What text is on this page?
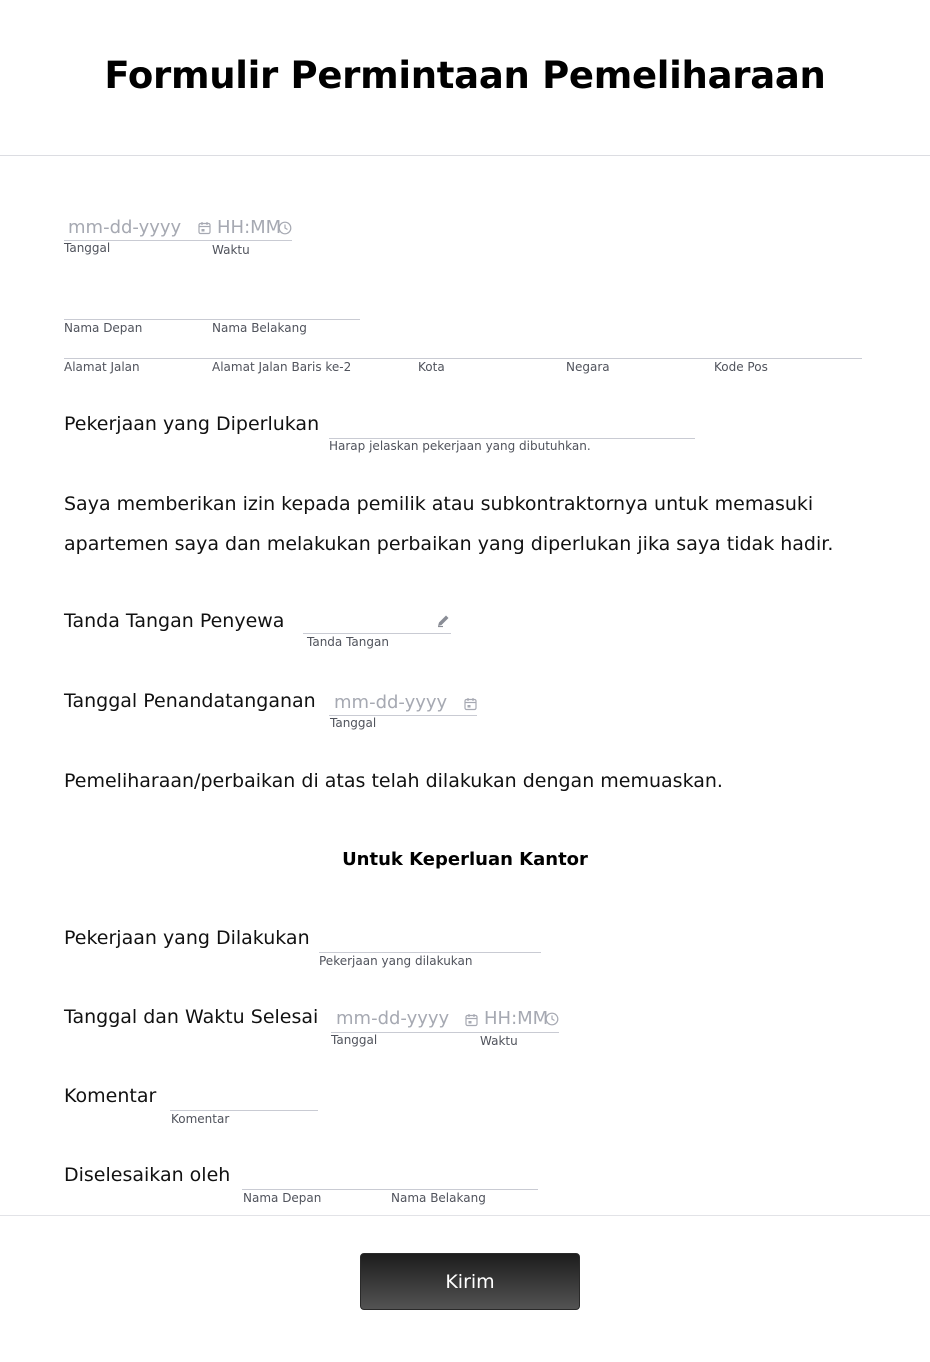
Formulir Permintaan Pemeliharaan
mm-dd-yyyy HH:MM
Tanggal	Waktu
Nama Depan	Nama Belakang
Alamat Jalan	Alamat Jalan Baris ke-2	Kota	Negara	Kode Pos
Pekerjaan yang Diperlukan
Harap jelaskan pekerjaan yang dibutuhkan.
Saya memberikan izin kepada pemilik atau subkontraktornya untuk memasuki apartemen saya dan melakukan perbaikan yang diperlukan jika saya tidak hadir.
Tanda Tangan Penyewa
Tanda Tangan
Tanggal Penandatanganan mm-dd-yyyy
Tanggal
Pemeliharaan/perbaikan di atas telah dilakukan dengan memuaskan.
Untuk Keperluan Kantor
Pekerjaan yang Dilakukan
Pekerjaan yang dilakukan
Tanggal dan Waktu Selesai mm-dd-yyyy HH:MM
Tanggal	Waktu
Komentar
Komentar
Diselesaikan oleh
Nama Depan	Nama Belakang
Kirim
